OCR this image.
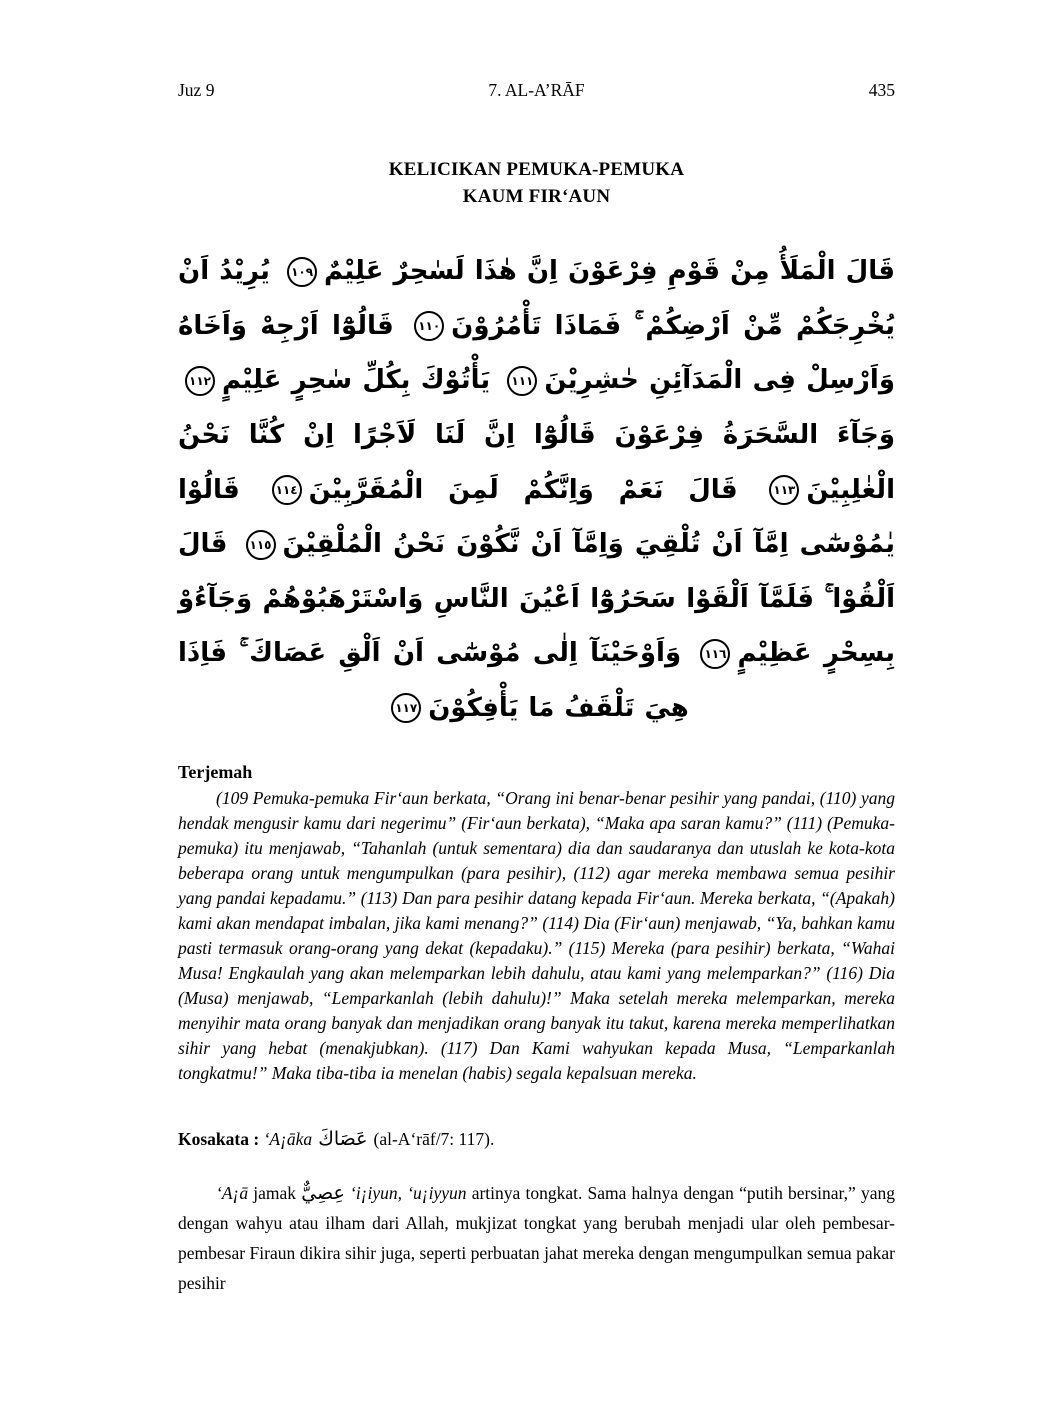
Juz 9	7. AL-A’RĀF	435
KELICIKAN PEMUKA-PEMUKA
KAUM FIR‘AUN
قَالَ الْمَلَأُ مِنْ قَوْمِ فِرْعَوْنَ اِنَّ هٰذَا لَسٰحِرٌ عَلِيْمٌ١٠٩ يُرِيْدُ اَنْ يُخْرِجَكُمْ مِّنْ اَرْضِكُمْ ۚ فَمَاذَا تَأْمُرُوْنَ١١٠ قَالُوْٓا اَرْجِهْ وَاَخَاهُ وَاَرْسِلْ فِى الْمَدَآئِنِ حٰشِرِيْنَ١١١ يَأْتُوْكَ بِكُلِّ سٰحِرٍ عَلِيْمٍ١١٢ وَجَآءَ السَّحَرَةُ فِرْعَوْنَ قَالُوْٓا اِنَّ لَنَا لَاَجْرًا اِنْ كُنَّا نَحْنُ الْغٰلِبِيْنَ١١٣ قَالَ نَعَمْ وَاِنَّكُمْ لَمِنَ الْمُقَرَّبِيْنَ١١٤ قَالُوْا يٰمُوْسٰٓى اِمَّآ اَنْ تُلْقِيَ وَاِمَّآ اَنْ نَّكُوْنَ نَحْنُ الْمُلْقِيْنَ١١٥ قَالَ اَلْقُوْا ۚ فَلَمَّآ اَلْقَوْا سَحَرُوْٓا اَعْيُنَ النَّاسِ وَاسْتَرْهَبُوْهُمْ وَجَآءُوْ بِسِحْرٍ عَظِيْمٍ١١٦ وَاَوْحَيْنَآ اِلٰى مُوْسٰٓى اَنْ اَلْقِ عَصَاكَ ۚ فَاِذَا هِيَ تَلْقَفُ مَا يَأْفِكُوْنَ١١٧
Terjemah

(109 Pemuka-pemuka Fir‘aun berkata, “Orang ini benar-benar pesihir yang pandai, (110) yang hendak mengusir kamu dari negerimu” (Fir‘aun berkata), “Maka apa saran kamu?” (111) (Pemuka-pemuka) itu menjawab, “Tahanlah (untuk sementara) dia dan saudaranya dan utuslah ke kota-kota beberapa orang untuk mengumpulkan (para pesihir), (112) agar mereka membawa semua pesihir yang pandai kepadamu.” (113) Dan para pesihir datang kepada Fir‘aun. Mereka berkata, “(Apakah) kami akan mendapat imbalan, jika kami menang?” (114) Dia (Fir‘aun) menjawab, “Ya, bahkan kamu pasti termasuk orang-orang yang dekat (kepadaku).” (115) Mereka (para pesihir) berkata, “Wahai Musa! Engkaulah yang akan melemparkan lebih dahulu, atau kami yang melemparkan?” (116) Dia (Musa) menjawab, “Lemparkanlah (lebih dahulu)!” Maka setelah mereka melemparkan, mereka menyihir mata orang banyak dan menjadikan orang banyak itu takut, karena mereka memperlihatkan sihir yang hebat (menakjubkan). (117) Dan Kami wahyukan kepada Musa, “Lemparkanlah tongkatmu!” Maka tiba-tiba ia menelan (habis) segala kepalsuan mereka.

Kosakata : ‘A¡āka عَصَاكَ (al-A‘rāf/7: 117).

‘A¡ā jamak عِصِيٌّ ‘i¡iyun, ‘u¡iyyun artinya tongkat. Sama halnya dengan “putih bersinar,” yang dengan wahyu atau ilham dari Allah, mukjizat tongkat yang berubah menjadi ular oleh pembesar-pembesar Firaun dikira sihir juga, seperti perbuatan jahat mereka dengan mengumpulkan semua pakar pesihir
